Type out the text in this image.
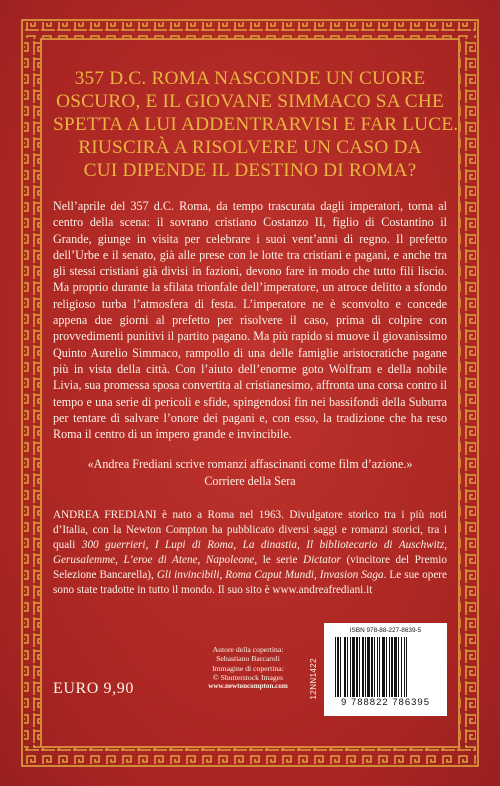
357 D.C. ROMA NASCONDE UN CUORE
OSCURO, E IL GIOVANE SIMMACO SA CHE
SPETTA A LUI ADDENTRARVISI E FAR LUCE.
RIUSCIRÀ A RISOLVERE UN CASO DA
CUI DIPENDE IL DESTINO DI ROMA?
Nell’aprile del 357 d.C. Roma, da tempo trascurata dagli imperatori, torna al centro della scena: il sovrano cristiano Costanzo II, figlio di Costantino il Grande, giunge in visita per celebrare i suoi vent’anni di regno. Il prefetto dell’Urbe e il senato, già alle prese con le lotte tra cristiani e pagani, e anche tra gli stessi cristiani già divisi in fazioni, devono fare in modo che tutto fili liscio. Ma proprio durante la sfilata trionfale dell’imperatore, un atroce delitto a sfondo religioso turba l’atmosfera di festa. L’imperatore ne è sconvolto e concede appena due giorni al prefetto per risolvere il caso, prima di colpire con provvedimenti punitivi il partito pagano. Ma più rapido si muove il giovanissimo Quinto Aurelio Simmaco, rampollo di una delle famiglie aristocratiche pagane più in vista della città. Con l’aiuto dell’enorme goto Wolfram e della nobile Livia, sua promessa sposa convertita al cristianesimo, affronta una corsa contro il tempo e una serie di pericoli e sfide, spingendosi fin nei bassifondi della Suburra per tentare di salvare l’onore dei pagani e, con esso, la tradizione che ha reso Roma il centro di un impero grande e invincibile.
«Andrea Frediani scrive romanzi affascinanti come film d’azione.»
Corriere della Sera
ANDREA FREDIANI è nato a Roma nel 1963. Divulgatore storico tra i più noti d’Italia, con la Newton Compton ha pubblicato diversi saggi e romanzi storici, tra i quali 300 guerrieri, I Lupi di Roma, La dinastia, Il bibliotecario di Auschwitz, Gerusalemme, L’eroe di Atene, Napoleone, le serie Dictator (vincitore del Premio Selezione Bancarella), Gli invincibili, Roma Caput Mundi, Invasion Saga. Le sue opere sono state tradotte in tutto il mondo. Il suo sito è www.andreafrediani.it
EURO 9,90
Autore della copertina:
Sebastiano Barcaroli
Immagine di copertina:
© Shutterstock Images
www.newtoncompton.com	12NN1422
ISBN 978-88-227-8639-5
9 788822 786395
